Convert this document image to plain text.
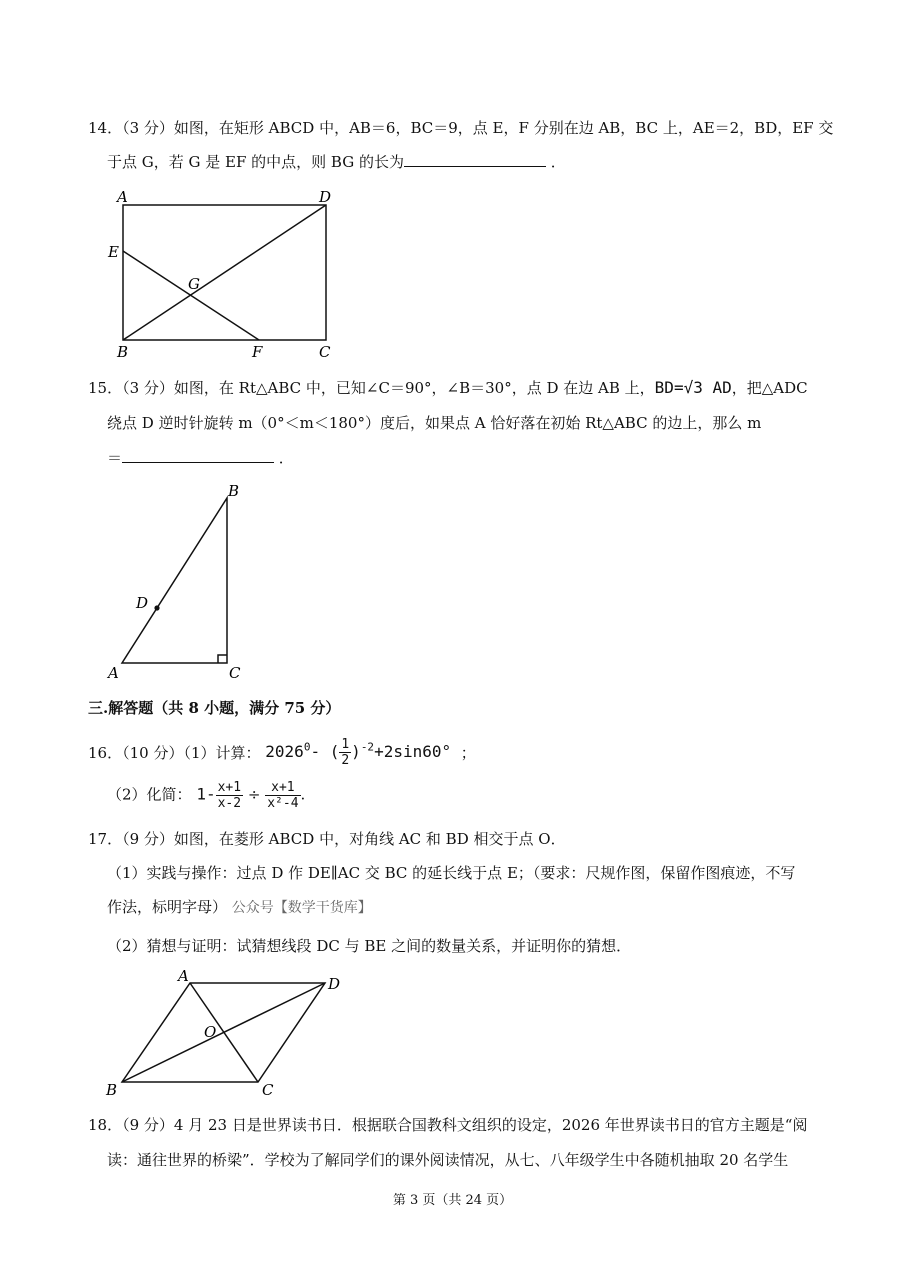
14．（3 分）如图，在矩形 ABCD 中，AB＝6，BC＝9，点 E，F 分别在边 AB，BC 上，AE＝2，BD，EF 交
于点 G，若 G 是 EF 的中点，则 BG 的长为	．
A	D
E
G
B	F	C
15．（3 分）如图，在 Rt△ABC 中，已知∠C＝90°，∠B＝30°，点 D 在边 AB 上，BD=√3 AD，把△ADC
绕点 D 逆时针旋转 m（0°＜m＜180°）度后，如果点 A 恰好落在初始 Rt△ABC 的边上，那么 m
＝	．
B
D
A	C
三.解答题（共 8 小题，满分 75 分）
16．（10 分）（1）计算： 2026$^0$- ( $\frac{1}{2} )^{-2}+2\sin 60^\circ$ ；
（2）化简： $1- \frac{x+1}{x-2} \div \frac{x+1}{\text{x²-4}}$ .
17．（9 分）如图，在菱形 ABCD 中，对角线 AC 和 BD 相交于点 O．
（1）实践与操作：过点 D 作 DE∥AC 交 BC 的延长线于点 E；（要求：尺规作图，保留作图痕迹，不写
作法，标明字母） 公众号【数学干货库】
（2）猜想与证明：试猜想线段 DC 与 BE 之间的数量关系，并证明你的猜想．
A	D
O
B	C
18．（9 分）4 月 23 日是世界读书日．根据联合国教科文组织的设定，2026 年世界读书日的官方主题是“阅
读：通往世界的桥梁”．学校为了解同学们的课外阅读情况，从七、八年级学生中各随机抽取 20 名学生
第 3 页（共 24 页）
